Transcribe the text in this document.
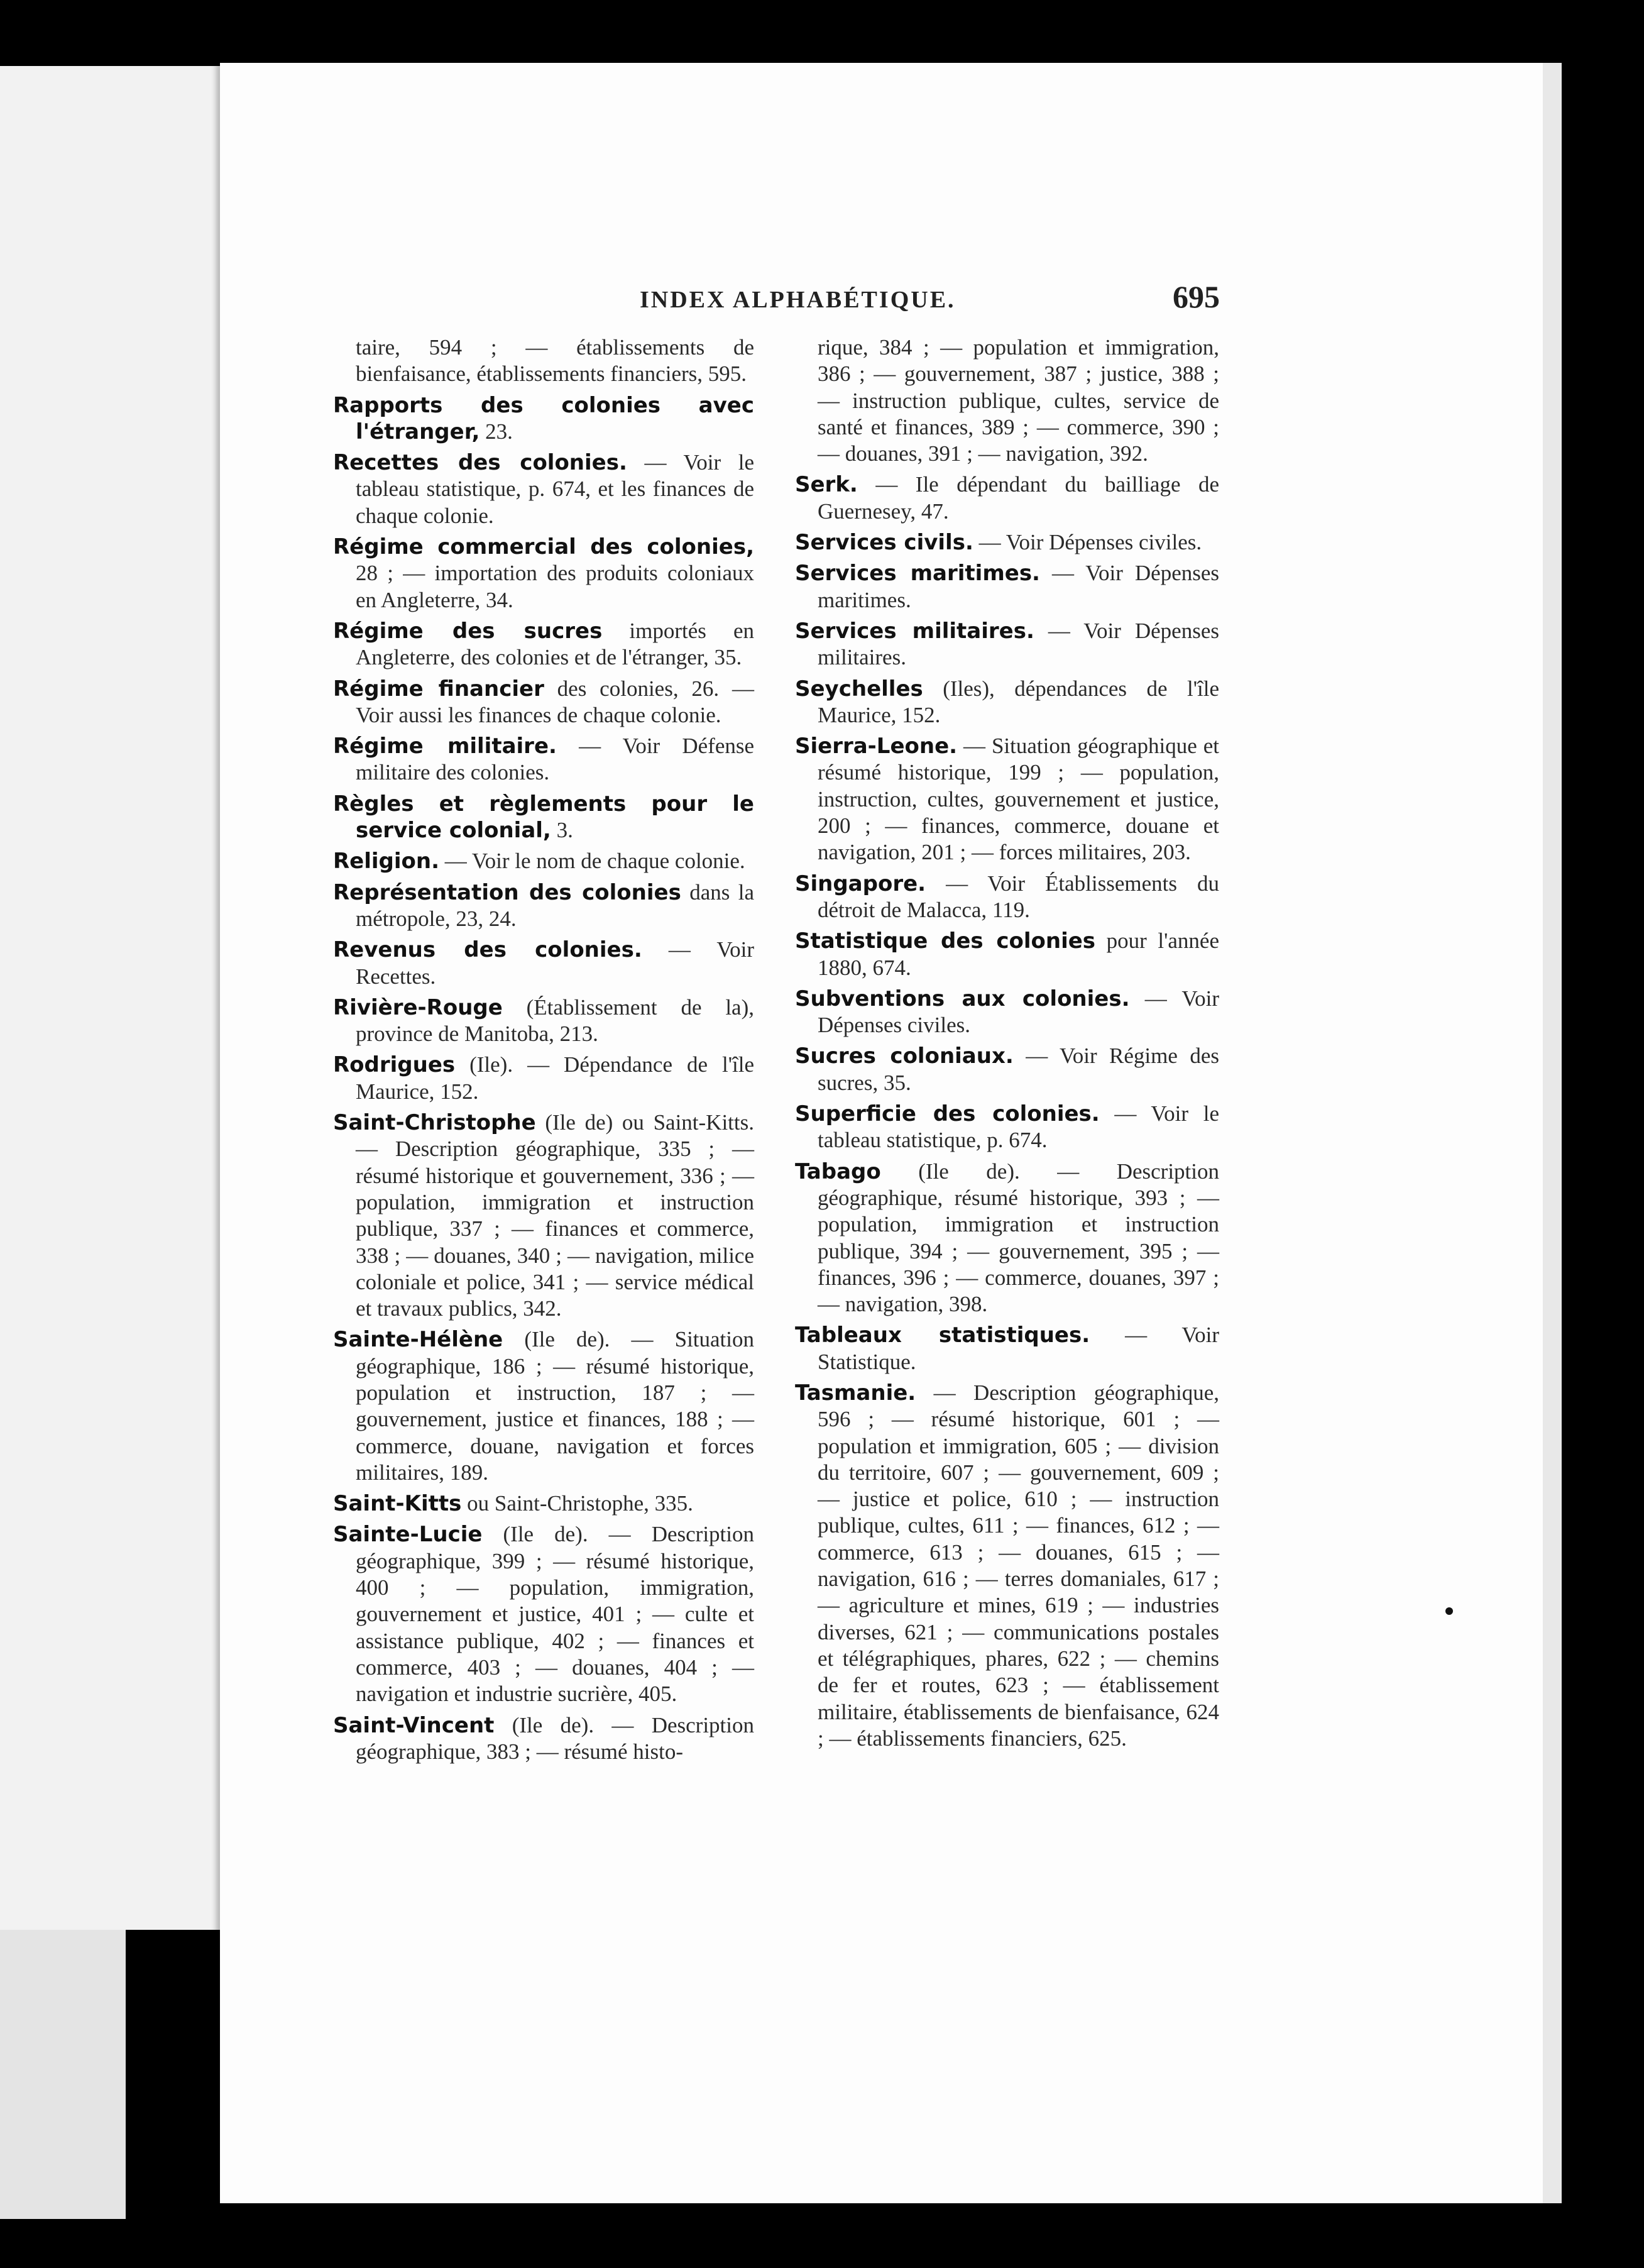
INDEX ALPHABÉTIQUE.	695

taire, 594 ; — établissements de bienfaisance, établissements financiers, 595.

Rapports des colonies avec l'étranger, 23.

Recettes des colonies. — Voir le tableau statistique, p. 674, et les finances de chaque colonie.

Régime commercial des colonies, 28 ; — importation des produits coloniaux en Angleterre, 34.

Régime des sucres importés en Angleterre, des colonies et de l'étranger, 35.

Régime financier des colonies, 26. — Voir aussi les finances de chaque colonie.

Régime militaire. — Voir Défense militaire des colonies.

Règles et règlements pour le service colonial, 3.

Religion. — Voir le nom de chaque colonie.

Représentation des colonies dans la métropole, 23, 24.

Revenus des colonies. — Voir Recettes.

Rivière-Rouge (Établissement de la), province de Manitoba, 213.

Rodrigues (Ile). — Dépendance de l'île Maurice, 152.

Saint-Christophe (Ile de) ou Saint-Kitts. — Description géographique, 335 ; — résumé historique et gouvernement, 336 ; — population, immigration et instruction publique, 337 ; — finances et commerce, 338 ; — douanes, 340 ; — navigation, milice coloniale et police, 341 ; — service médical et travaux publics, 342.

Sainte-Hélène (Ile de). — Situation géographique, 186 ; — résumé historique, population et instruction, 187 ; — gouvernement, justice et finances, 188 ; — commerce, douane, navigation et forces militaires, 189.

Saint-Kitts ou Saint-Christophe, 335.

Sainte-Lucie (Ile de). — Description géographique, 399 ; — résumé historique, 400 ; — population, immigration, gouvernement et justice, 401 ; — culte et assistance publique, 402 ; — finances et commerce, 403 ; — douanes, 404 ; — navigation et industrie sucrière, 405.

Saint-Vincent (Ile de). — Description géographique, 383 ; — résumé histo-

rique, 384 ; — population et immigration, 386 ; — gouvernement, 387 ; justice, 388 ; — instruction publique, cultes, service de santé et finances, 389 ; — commerce, 390 ; — douanes, 391 ; — navigation, 392.

Serk. — Ile dépendant du bailliage de Guernesey, 47.

Services civils. — Voir Dépenses civiles.

Services maritimes. — Voir Dépenses maritimes.

Services militaires. — Voir Dépenses militaires.

Seychelles (Iles), dépendances de l'île Maurice, 152.

Sierra-Leone. — Situation géographique et résumé historique, 199 ; — population, instruction, cultes, gouvernement et justice, 200 ; — finances, commerce, douane et navigation, 201 ; — forces militaires, 203.

Singapore. — Voir Établissements du détroit de Malacca, 119.

Statistique des colonies pour l'année 1880, 674.

Subventions aux colonies. — Voir Dépenses civiles.

Sucres coloniaux. — Voir Régime des sucres, 35.

Superficie des colonies. — Voir le tableau statistique, p. 674.

Tabago (Ile de). — Description géographique, résumé historique, 393 ; — population, immigration et instruction publique, 394 ; — gouvernement, 395 ; — finances, 396 ; — commerce, douanes, 397 ; — navigation, 398.

Tableaux statistiques. — Voir Statistique.

Tasmanie. — Description géographique, 596 ; — résumé historique, 601 ; — population et immigration, 605 ; — division du territoire, 607 ; — gouvernement, 609 ; — justice et police, 610 ; — instruction publique, cultes, 611 ; — finances, 612 ; — commerce, 613 ; — douanes, 615 ; — navigation, 616 ; — terres domaniales, 617 ; — agriculture et mines, 619 ; — industries diverses, 621 ; — communications postales et télégraphiques, phares, 622 ; — chemins de fer et routes, 623 ; — établissement militaire, établissements de bienfaisance, 624 ; — établissements financiers, 625.
